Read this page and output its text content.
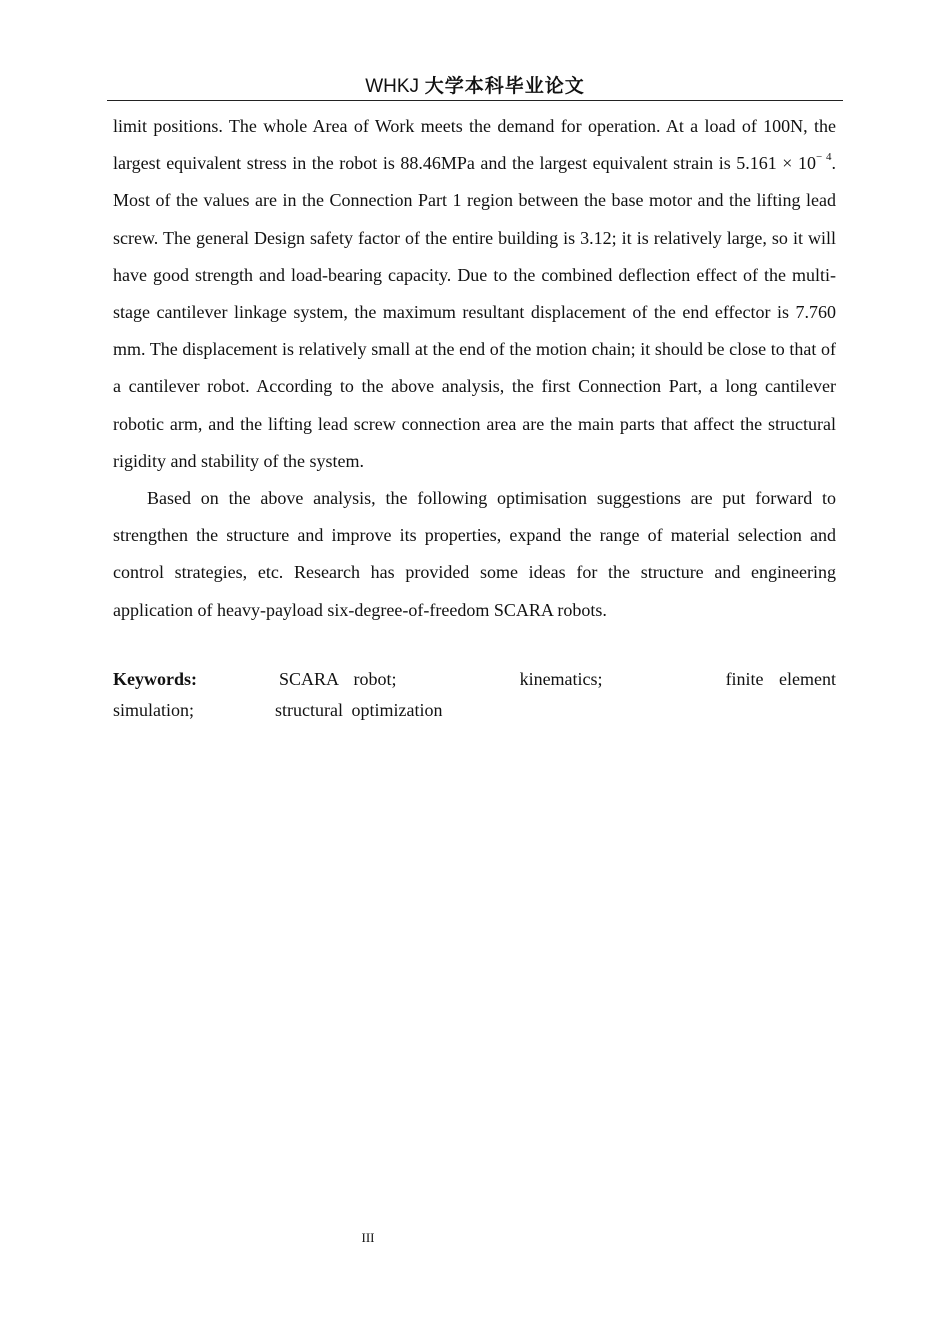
WHKJ 大学本科毕业论文

limit positions. The whole Area of Work meets the demand for operation. At a load of 100N, the largest equivalent stress in the robot is 88.46MPa and the largest equivalent strain is $5.161 \times 10^{- 4}$. Most of the values are in the Connection Part 1 region between the base motor and the lifting lead screw. The general Design safety factor of the entire building is 3.12; it is relatively large, so it will have good strength and load-bearing capacity. Due to the combined deflection effect of the multi-stage cantilever linkage system, the maximum resultant displacement of the end effector is 7.760 mm. The displacement is relatively small at the end of the motion chain; it should be close to that of a cantilever robot. According to the above analysis, the first Connection Part, a long cantilever robotic arm, and the lifting lead screw connection area are the main parts that affect the structural rigidity and stability of the system.

Based on the above analysis, the following optimisation suggestions are put forward to strengthen the structure and improve its properties, expand the range of material selection and control strategies, etc. Research has provided some ideas for the structure and engineering application of heavy-payload six-degree-of-freedom SCARA robots.

Keywords:	SCARA robot;	kinematics;	finite element simulation;	structural optimization

III
